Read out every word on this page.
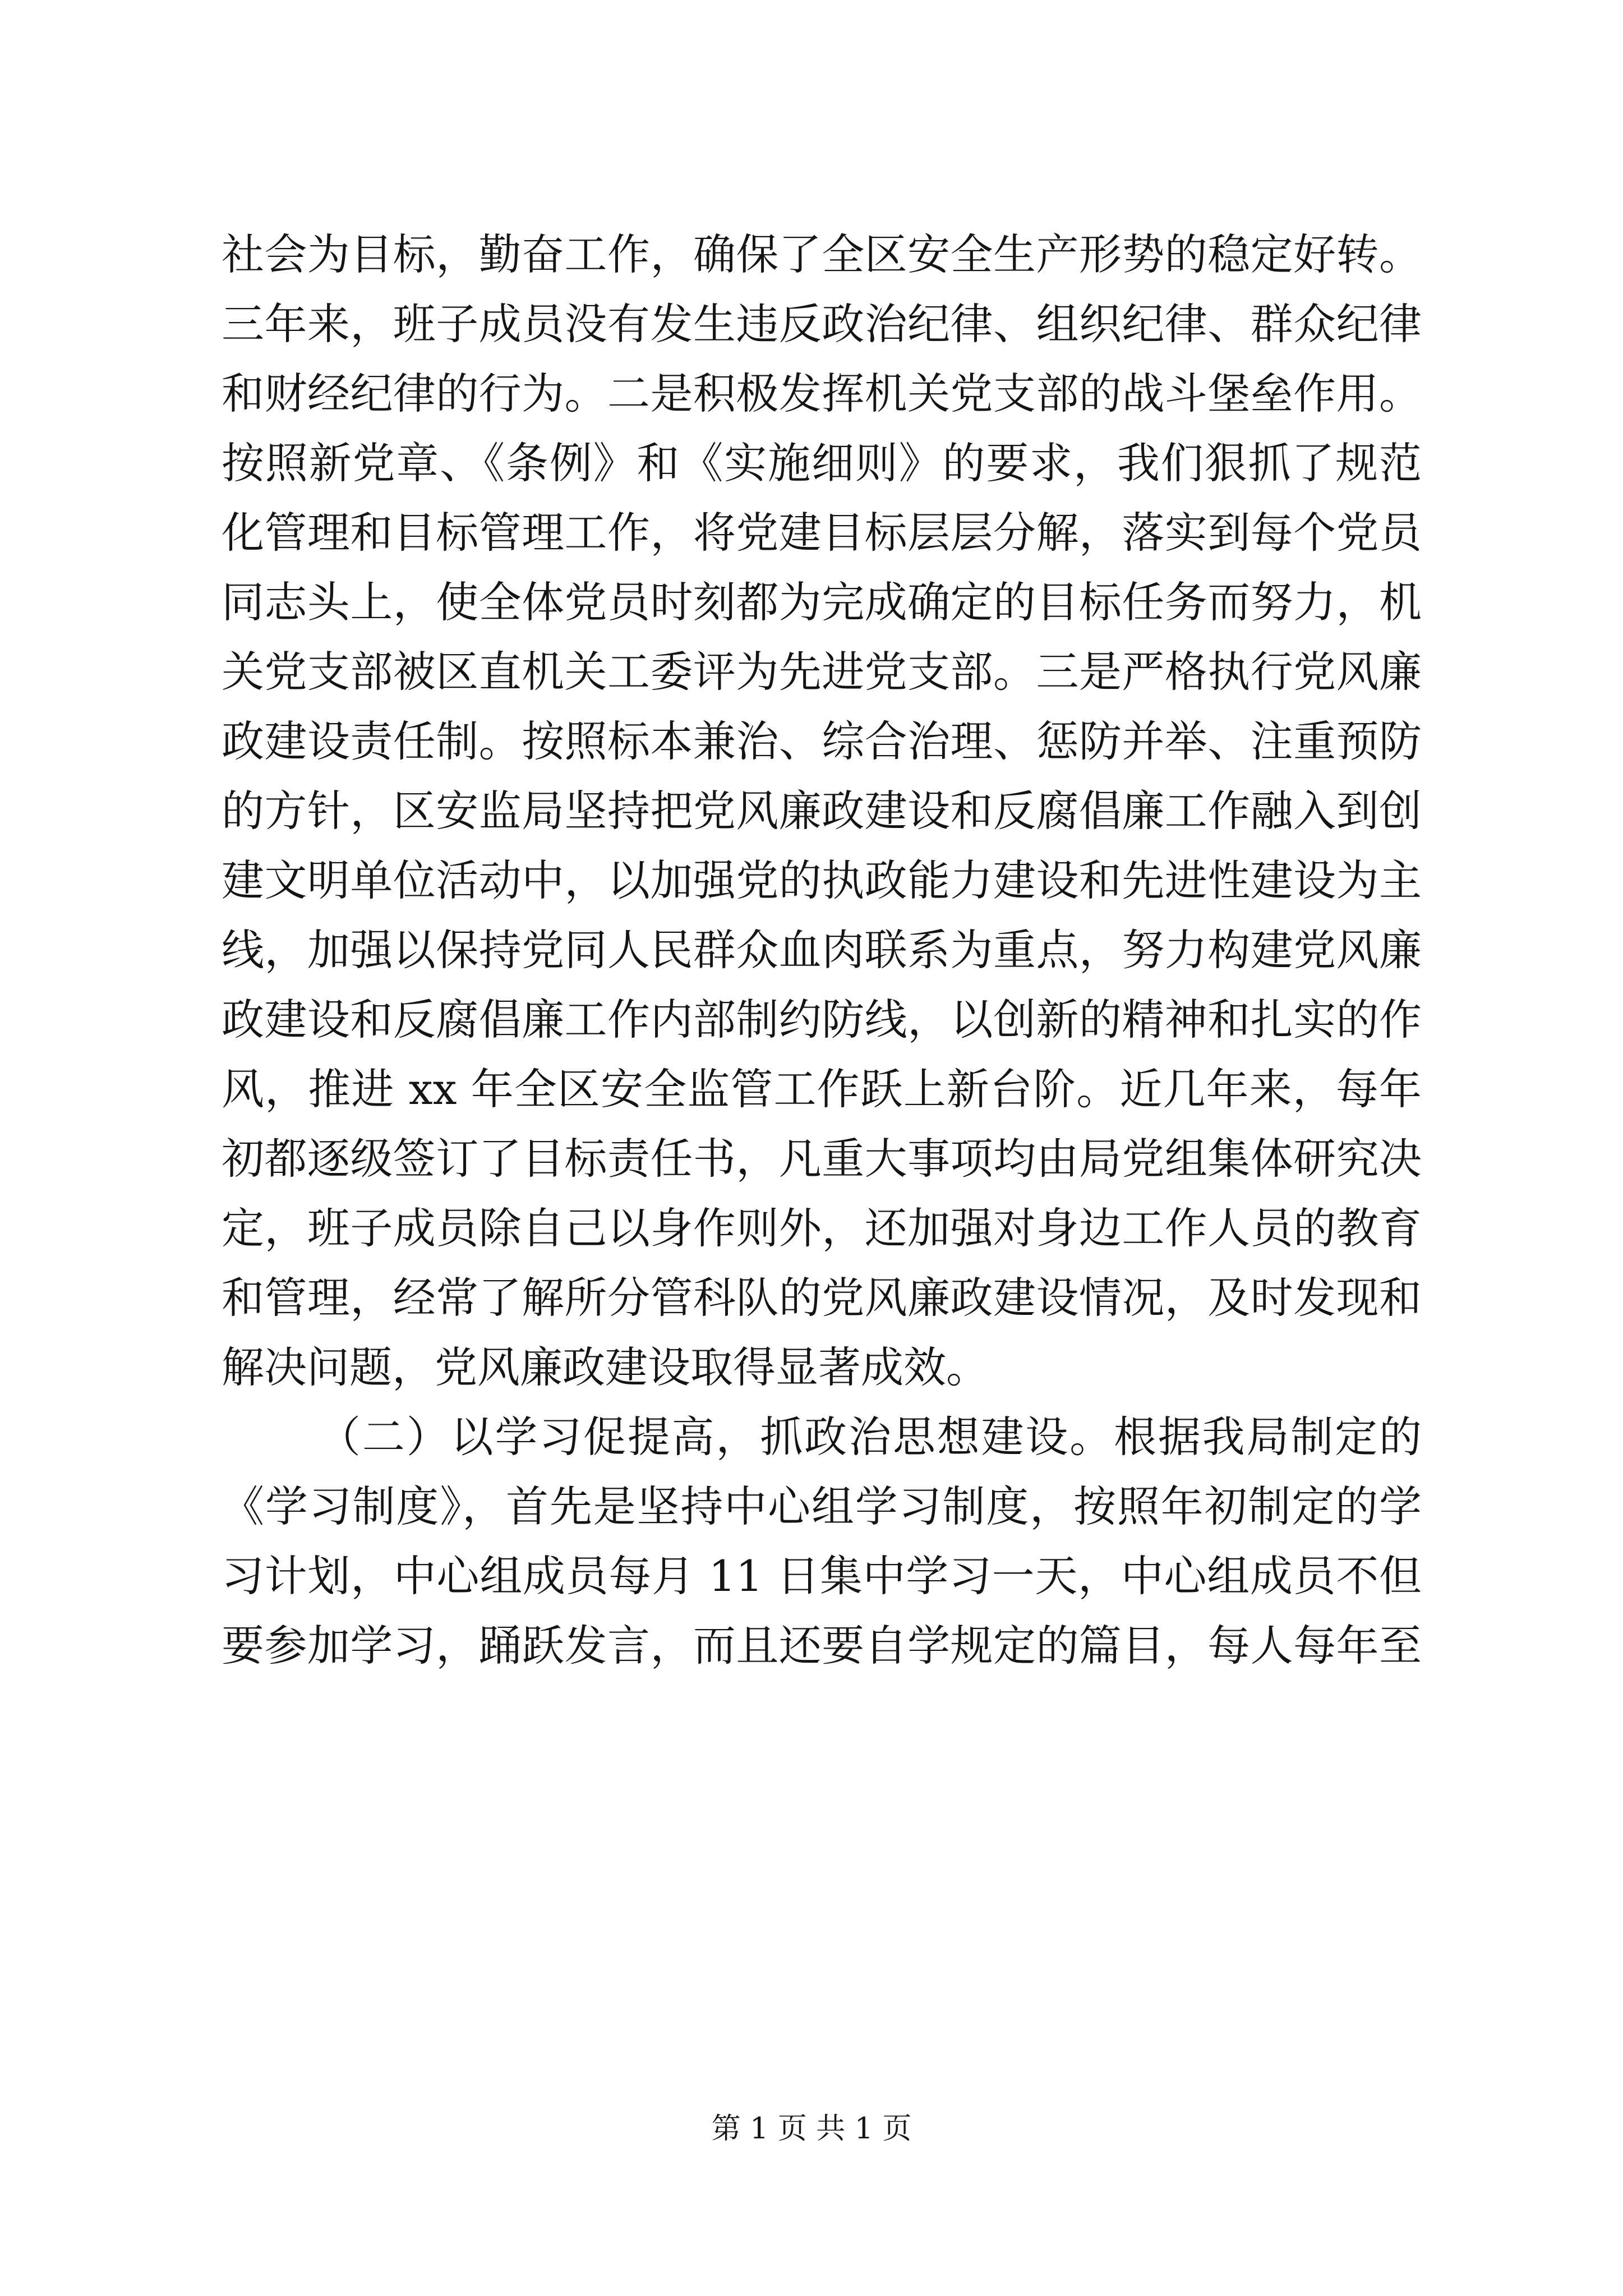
社会为目标，勤奋工作，确保了全区安全生产形势的稳定好转。
三年来，班子成员没有发生违反政治纪律、组织纪律、群众纪律
和财经纪律的行为。二是积极发挥机关党支部的战斗堡垒作用。
按照新党章、《条例》和《实施细则》的要求，我们狠抓了规范
化管理和目标管理工作，将党建目标层层分解，落实到每个党员
同志头上，使全体党员时刻都为完成确定的目标任务而努力，机
关党支部被区直机关工委评为先进党支部。三是严格执行党风廉
政建设责任制。按照标本兼治、综合治理、惩防并举、注重预防
的方针，区安监局坚持把党风廉政建设和反腐倡廉工作融入到创
建文明单位活动中，以加强党的执政能力建设和先进性建设为主
线，加强以保持党同人民群众血肉联系为重点，努力构建党风廉
政建设和反腐倡廉工作内部制约防线，以创新的精神和扎实的作
风，推进 xx 年全区安全监管工作跃上新台阶。近几年来，每年
初都逐级签订了目标责任书，凡重大事项均由局党组集体研究决
定，班子成员除自己以身作则外，还加强对身边工作人员的教育
和管理，经常了解所分管科队的党风廉政建设情况，及时发现和
解决问题，党风廉政建设取得显著成效。
（二）以学习促提高，抓政治思想建设。根据我局制定的
《学习制度》，首先是坚持中心组学习制度，按照年初制定的学
习计划，中心组成员每月 11 日集中学习一天，中心组成员不但
要参加学习，踊跃发言，而且还要自学规定的篇目，每人每年至
第 1 页 共 1 页
